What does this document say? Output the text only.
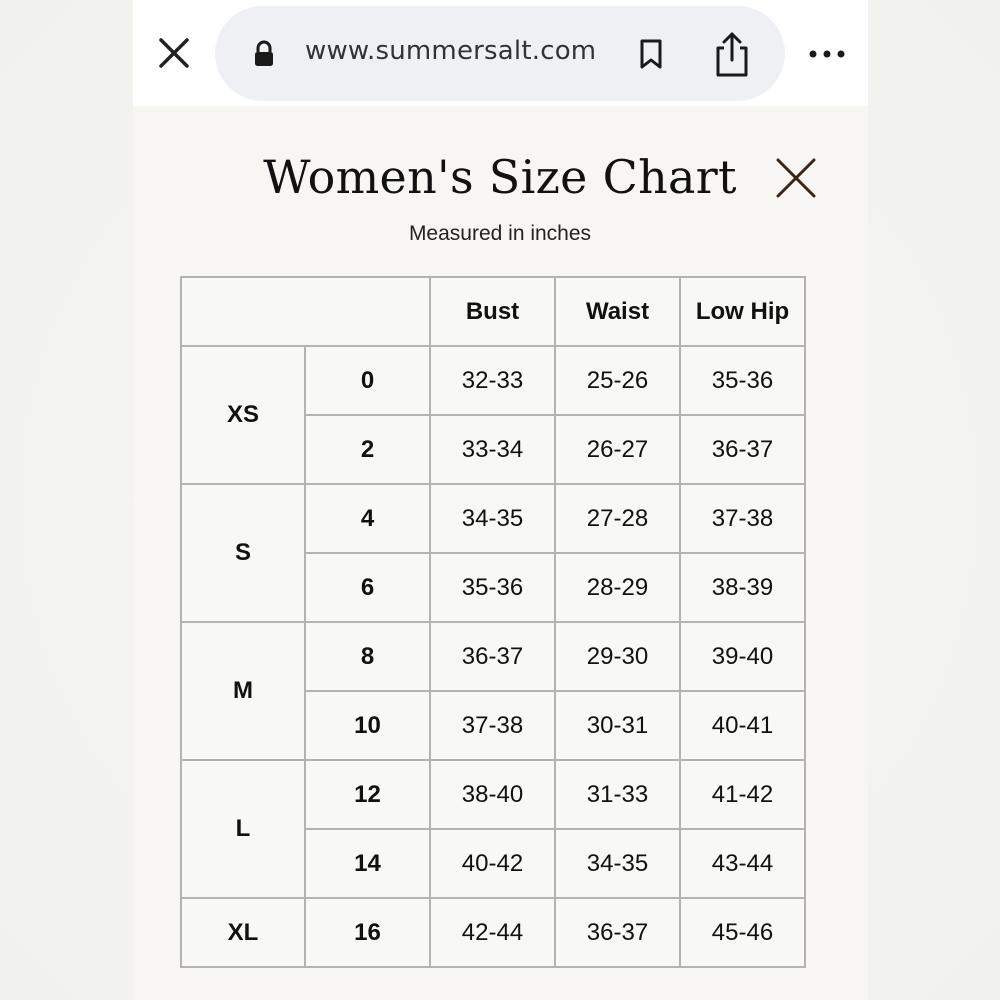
www.summersalt.com
Women's Size Chart
Measured in inches
		Bust	Waist	Low Hip
XS	0	32-33	25-26	35-36
	2	33-34	26-27	36-37
S	4	34-35	27-28	37-38
	6	35-36	28-29	38-39
M	8	36-37	29-30	39-40
	10	37-38	30-31	40-41
L	12	38-40	31-33	41-42
	14	40-42	34-35	43-44
XL	16	42-44	36-37	45-46
